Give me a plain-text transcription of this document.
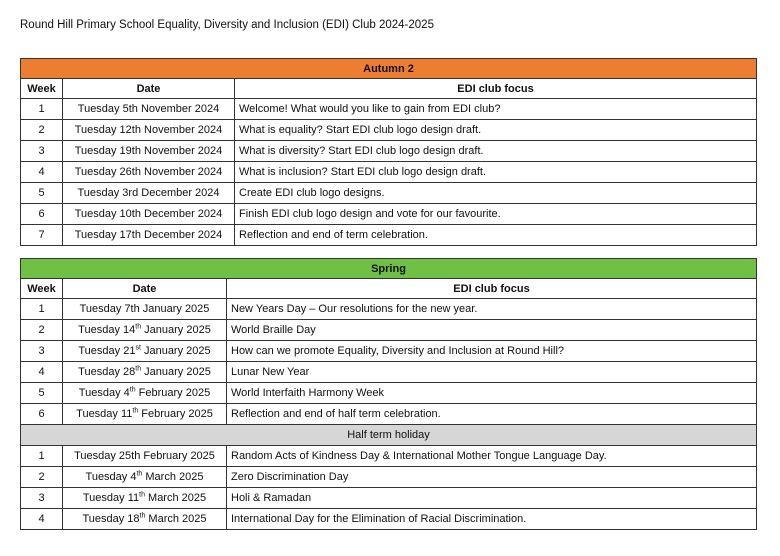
Round Hill Primary School Equality, Diversity and Inclusion (EDI) Club 2024-2025
Autumn 2		
Week	Date	EDI club focus
1	Tuesday 5th November 2024	Welcome! What would you like to gain from EDI club?
2	Tuesday 12th November 2024	What is equality? Start EDI club logo design draft.
3	Tuesday 19th November 2024	What is diversity? Start EDI club logo design draft.
4	Tuesday 26th November 2024	What is inclusion? Start EDI club logo design draft.
5	Tuesday 3rd December 2024	Create EDI club logo designs.
6	Tuesday 10th December 2024	Finish EDI club logo design and vote for our favourite.
7	Tuesday 17th December 2024	Reflection and end of term celebration.
Spring		
Week	Date	EDI club focus
1	Tuesday 7th January 2025	New Years Day – Our resolutions for the new year.
2	Tuesday 14th January 2025	World Braille Day
3	Tuesday 21st January 2025	How can we promote Equality, Diversity and Inclusion at Round Hill?
4	Tuesday 28th January 2025	Lunar New Year
5	Tuesday 4th February 2025	World Interfaith Harmony Week
6	Tuesday 11th February 2025	Reflection and end of half term celebration.
Half term holiday		
1	Tuesday 25th February 2025	Random Acts of Kindness Day & International Mother Tongue Language Day.
2	Tuesday 4th March 2025	Zero Discrimination Day
3	Tuesday 11th March 2025	Holi & Ramadan
4	Tuesday 18th March 2025	International Day for the Elimination of Racial Discrimination.
